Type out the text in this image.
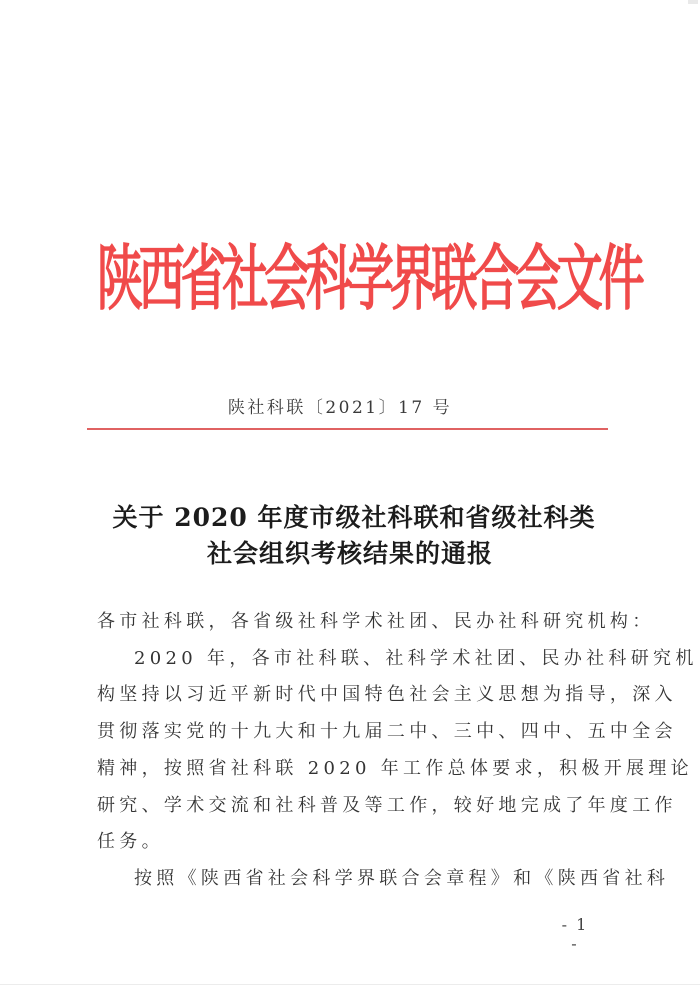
陕
西
省
社
会
科
学
界
联
合
会
文
件
陕社科联〔2021〕17 号
关于 2020 年度市级社科联和省级社科类
社会组织考核结果的通报
各市社科联，各省级社科学术社团、民办社科研究机构：
2020 年，各市社科联、社科学术社团、民办社科研究机
构坚持以习近平新时代中国特色社会主义思想为指导，深入
贯彻落实党的十九大和十九届二中、三中、四中、五中全会
精神，按照省社科联 2020 年工作总体要求，积极开展理论
研究、学术交流和社科普及等工作，较好地完成了年度工作
任务。
按照《陕西省社会科学界联合会章程》和《陕西省社科
- 1 -
